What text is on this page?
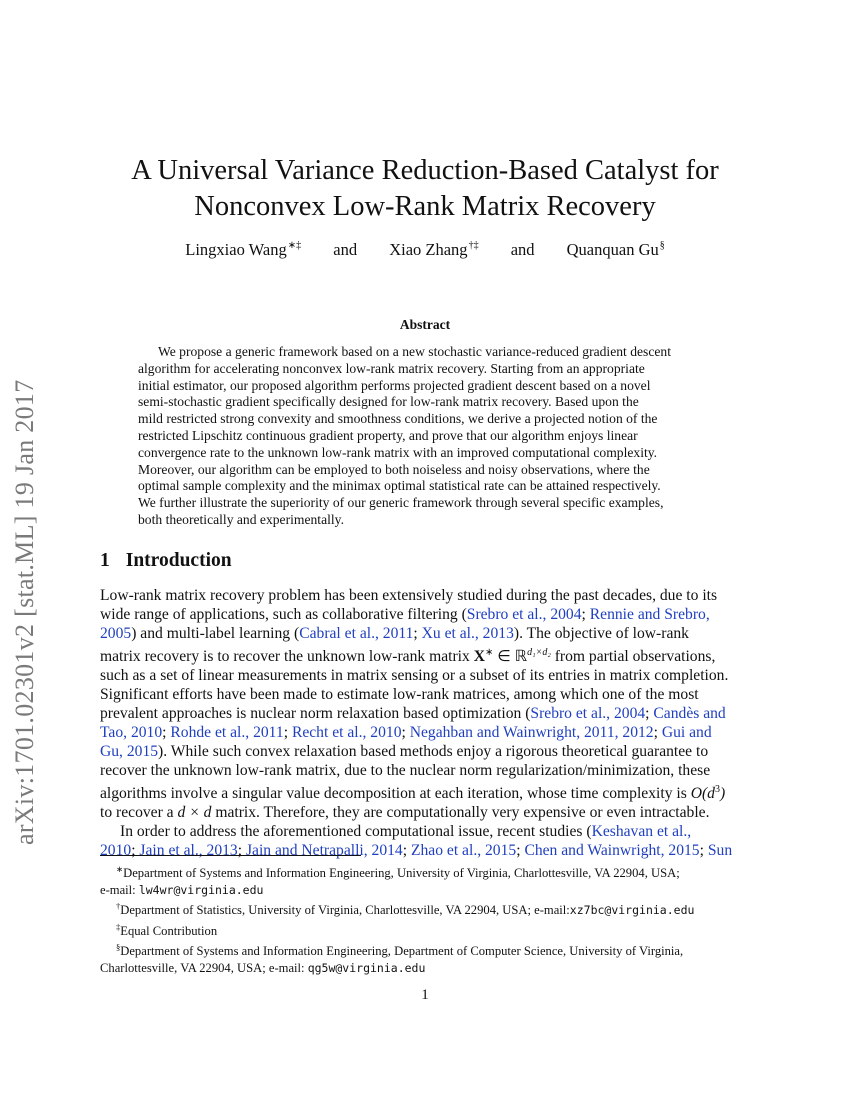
arXiv:1701.02301v2 [stat.ML] 19 Jan 2017
A Universal Variance Reduction-Based Catalyst for
Nonconvex Low-Rank Matrix Recovery
Lingxiao Wang∗‡ and Xiao Zhang†‡ and Quanquan Gu§
Abstract
We propose a generic framework based on a new stochastic variance-reduced gradient descent
algorithm for accelerating nonconvex low-rank matrix recovery. Starting from an appropriate
initial estimator, our proposed algorithm performs projected gradient descent based on a novel
semi-stochastic gradient specifically designed for low-rank matrix recovery. Based upon the
mild restricted strong convexity and smoothness conditions, we derive a projected notion of the
restricted Lipschitz continuous gradient property, and prove that our algorithm enjoys linear
convergence rate to the unknown low-rank matrix with an improved computational complexity.
Moreover, our algorithm can be employed to both noiseless and noisy observations, where the
optimal sample complexity and the minimax optimal statistical rate can be attained respectively.
We further illustrate the superiority of our generic framework through several specific examples,
both theoretically and experimentally.
1 Introduction
Low-rank matrix recovery problem has been extensively studied during the past decades, due to its
wide range of applications, such as collaborative filtering (Srebro et al., 2004; Rennie and Srebro,
2005) and multi-label learning (Cabral et al., 2011; Xu et al., 2013). The objective of low-rank
matrix recovery is to recover the unknown low-rank matrix X∗ ∈ ℝ$^{d_1\times d_2}$ from partial observations,
such as a set of linear measurements in matrix sensing or a subset of its entries in matrix completion.
Significant efforts have been made to estimate low-rank matrices, among which one of the most
prevalent approaches is nuclear norm relaxation based optimization (Srebro et al., 2004; Candès and
Tao, 2010; Rohde et al., 2011; Recht et al., 2010; Negahban and Wainwright, 2011, 2012; Gui and
Gu, 2015). While such convex relaxation based methods enjoy a rigorous theoretical guarantee to
recover the unknown low-rank matrix, due to the nuclear norm regularization/minimization, these
algorithms involve a singular value decomposition at each iteration, whose time complexity is $O(d^3)$
to recover a d × d matrix. Therefore, they are computationally very expensive or even intractable.
In order to address the aforementioned computational issue, recent studies (Keshavan et al.,
2010; Jain et al., 2013; Jain and Netrapalli, 2014; Zhao et al., 2015; Chen and Wainwright, 2015; Sun
∗Department of Systems and Information Engineering, University of Virginia, Charlottesville, VA 22904, USA;
e-mail: lw4wr@virginia.edu
†Department of Statistics, University of Virginia, Charlottesville, VA 22904, USA; e-mail:xz7bc@virginia.edu
‡Equal Contribution
§Department of Systems and Information Engineering, Department of Computer Science, University of Virginia,
Charlottesville, VA 22904, USA; e-mail: qg5w@virginia.edu
1
